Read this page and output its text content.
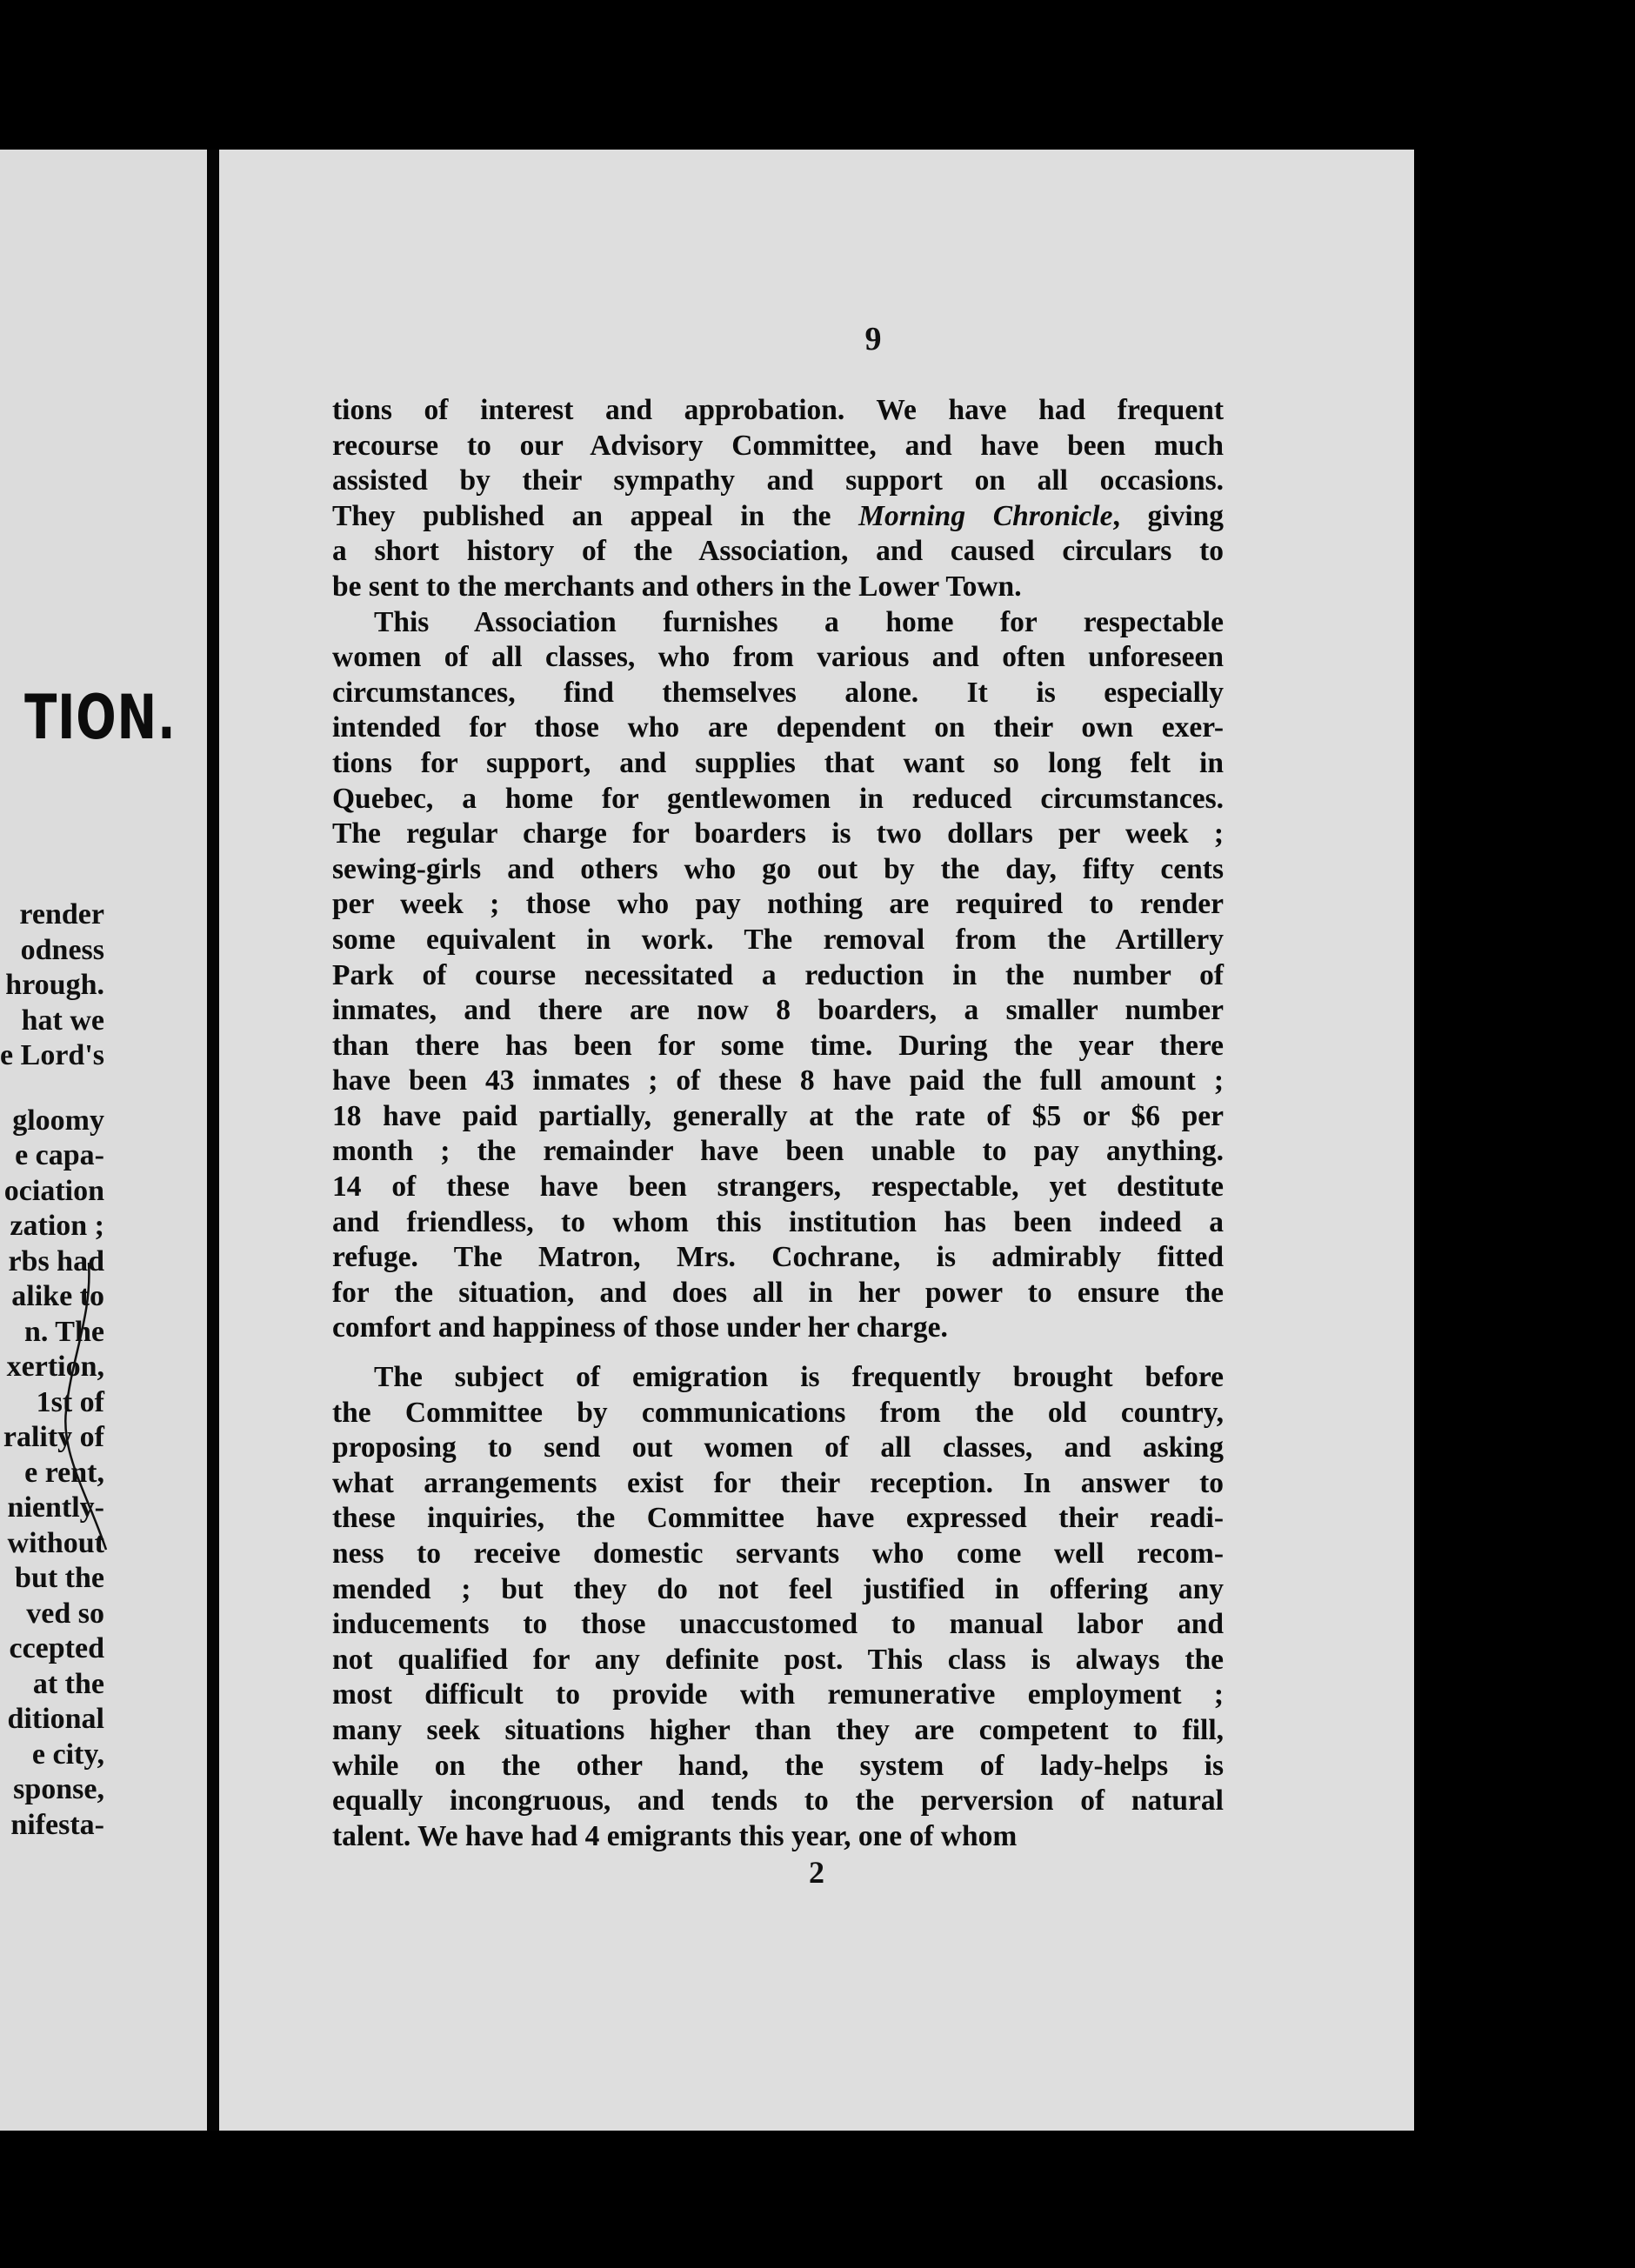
TION.
render
odness
hrough.
hat we
e Lord's
gloomy
e capa-
ociation
zation ;
rbs had
alike to
n. The
xertion,
1st of
rality of
e rent,
niently-
without
but the
ved so
ccepted
at the
ditional
e city,
sponse,
nifesta-
9
tions of interest and approbation. We have had frequent
recourse to our Advisory Committee, and have been much
assisted by their sympathy and support on all occasions.
They published an appeal in the Morning Chronicle, giving
a short history of the Association, and caused circulars to
be sent to the merchants and others in the Lower Town.
This Association furnishes a home for respectable
women of all classes, who from various and often unforeseen
circumstances, find themselves alone. It is especially
intended for those who are dependent on their own exer-
tions for support, and supplies that want so long felt in
Quebec, a home for gentlewomen in reduced circumstances.
The regular charge for boarders is two dollars per week ;
sewing-girls and others who go out by the day, fifty cents
per week ; those who pay nothing are required to render
some equivalent in work. The removal from the Artillery
Park of course necessitated a reduction in the number of
inmates, and there are now 8 boarders, a smaller number
than there has been for some time. During the year there
have been 43 inmates ; of these 8 have paid the full amount ;
18 have paid partially, generally at the rate of $5 or $6 per
month ; the remainder have been unable to pay anything.
14 of these have been strangers, respectable, yet destitute
and friendless, to whom this institution has been indeed a
refuge. The Matron, Mrs. Cochrane, is admirably fitted
for the situation, and does all in her power to ensure the
comfort and happiness of those under her charge.
The subject of emigration is frequently brought before
the Committee by communications from the old country,
proposing to send out women of all classes, and asking
what arrangements exist for their reception. In answer to
these inquiries, the Committee have expressed their readi-
ness to receive domestic servants who come well recom-
mended ; but they do not feel justified in offering any
inducements to those unaccustomed to manual labor and
not qualified for any definite post. This class is always the
most difficult to provide with remunerative employment ;
many seek situations higher than they are competent to fill,
while on the other hand, the system of lady-helps is
equally incongruous, and tends to the perversion of natural
talent. We have had 4 emigrants this year, one of whom
2
